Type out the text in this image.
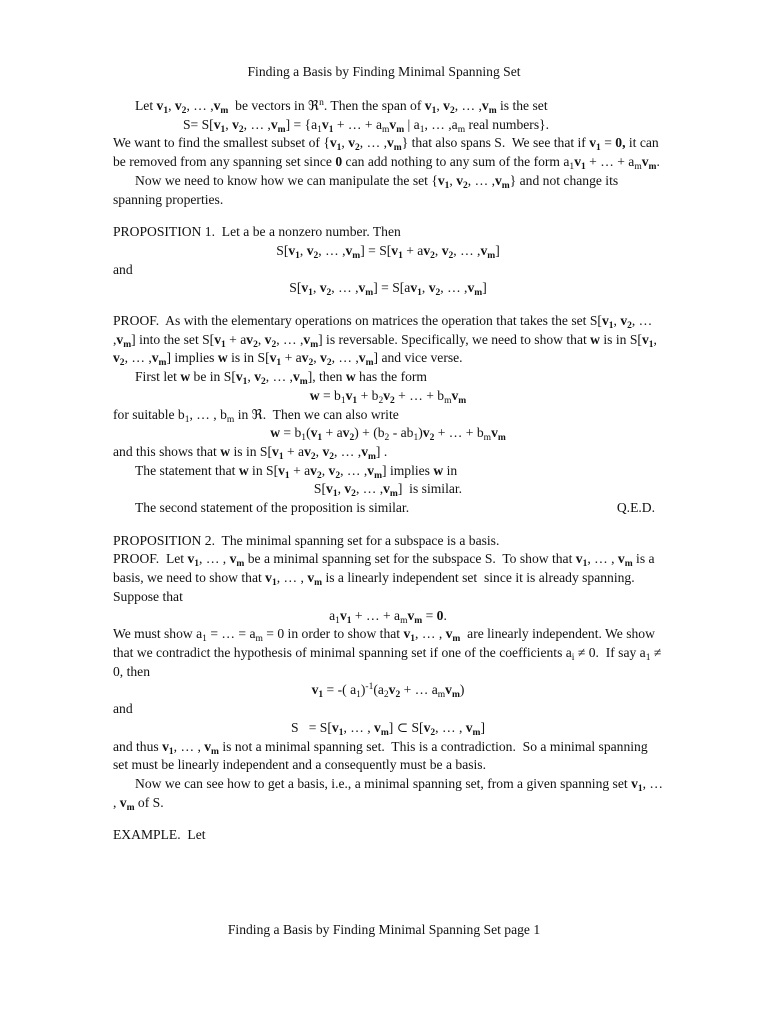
Finding a Basis by Finding Minimal Spanning Set

Let $v_1$, $v_2$, … $,v_m$  be vectors in ℜ$^n$. Then the span of $v_1$, $v_2$, … $,v_m$ is the set

$S= S[v_1$, $v_2$, … $,v_m] = \{a_1v_1$ + … + $a_mv_m$ | $a_1$, … $,a_m$ real numbers}.

We want to find the smallest subset of {$v_1$, $v_2$, … $,v_m$} that also spans S.  We see that if $v_1 = 0$, it can be removed from any spanning set since 0 can add nothing to any sum of the form $a_1v_1$ + … + $a_mv_m$.

Now we need to know how we can manipulate the set {$v_1$, $v_2$, … $,v_m$} and not change its spanning properties.

PROPOSITION 1.  Let a be a nonzero number. Then

$S[v_1$, $v_2$, … $,v_m] = S[v_1 + av_2$, $v_2$, … $,v_m$]

and

$S[v_1$, $v_2$, … $,v_m] = S[av_1$, $v_2$, … $,v_m$]

PROOF.  As with the elementary operations on matrices the operation that takes the set $S[v_1$, $v_2$, … $,v_m$] into the set $S[v_1 + av_2$, $v_2$, … $,v_m$] is reversable. Specifically, we need to show that w is in $S[v_1$, $v_2$, … $,v_m$] implies w is in $S[v_1 + av_2$, $v_2$, … $,v_m$] and vice verse.

First let w be in $S[v_1$, $v_2$, … $,v_m$], then w has the form

$w = b_1v_1 + b_2v_2$ + … + $b_mv_m$

for suitable $b_1$, … , $b_m$ in ℜ.  Then we can also write

$w = b_1(v_1 + av_2) + (b_2 - ab_1)v_2$ + … + $b_mv_m$

and this shows that w is in $S[v_1 + av_2$, $v_2$, … $,v_m$] .

The statement that w in $S[v_1 + av_2$, $v_2$, … $,v_m$] implies w in

$S[v_1$, $v_2$, … $,v_m$]  is similar.

The second statement of the proposition is similar.	Q.E.D.

PROPOSITION 2.  The minimal spanning set for a subspace is a basis.

PROOF.  Let $v_1$, … , $v_m$ be a minimal spanning set for the subspace S.  To show that $v_1$, … , $v_m$ is a basis, we need to show that $v_1$, … , $v_m$ is a linearly independent set  since it is already spanning. Suppose that

$a_1v_1$ + … + $a_mv_m = 0$.

We must show $a_1$ = … = $a_m = 0$ in order to show that $v_1$, … , $v_m$  are linearly independent. We show that we contradict the hypothesis of minimal spanning set if one of the coefficients $a_i \ne 0$.  If say $a_1 \ne 0$, then

$v_1$ = -( $a_1)^{-1}(a_2v_2$ + … $a_mv_m$)

and

$S = S[v_1$, … , $v_m$] ⊂ $S[v_2$, … , $v_m$]

and thus $v_1$, … , $v_m$ is not a minimal spanning set.  This is a contradiction.  So a minimal spanning set must be linearly independent and a consequently must be a basis.

Now we can see how to get a basis, i.e., a minimal spanning set, from a given spanning set $v_1$, … , $v_m$ of S.

EXAMPLE. Let

Finding a Basis by Finding Minimal Spanning Set page 1
